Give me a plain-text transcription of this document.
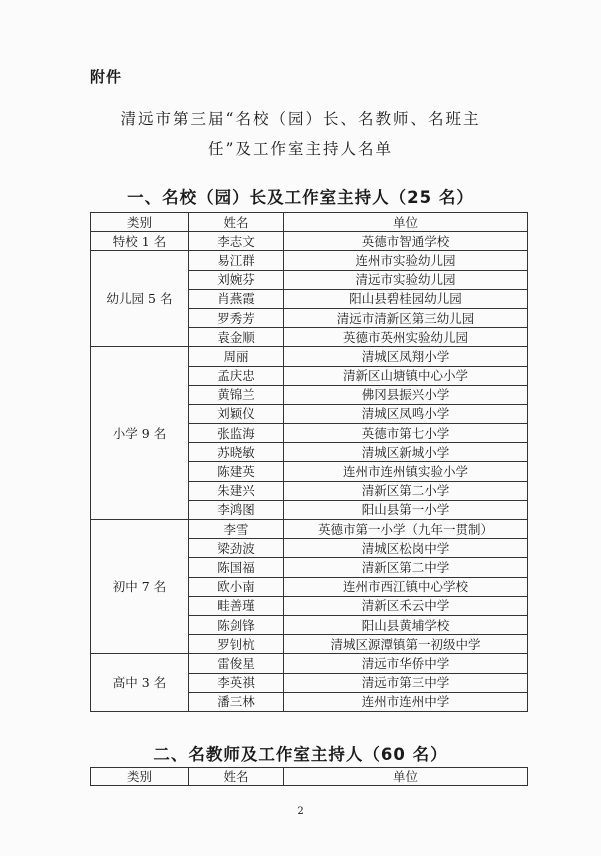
附件
清远市第三届“名校（园）长、名教师、名班主
任”及工作室主持人名单
一、名校（园）长及工作室主持人（25 名）
类别	姓名	单位
特校 1 名	李志文	英德市智通学校
幼儿园 5 名	易江群	连州市实验幼儿园
	刘婉芬	清远市实验幼儿园
	肖燕霞	阳山县碧桂园幼儿园
	罗秀芳	清远市清新区第三幼儿园
	袁金顺	英德市英州实验幼儿园
小学 9 名	周丽	清城区凤翔小学
	孟庆忠	清新区山塘镇中心小学
	黄锦兰	佛冈县振兴小学
	刘颖仪	清城区凤鸣小学
	张监海	英德市第七小学
	苏晓敏	清城区新城小学
	陈建英	连州市连州镇实验小学
	朱建兴	清新区第二小学
	李鸿图	阳山县第一小学
初中 7 名	李雪	英德市第一小学（九年一贯制）
	梁劲波	清城区松岗中学
	陈国福	清新区第二中学
	欧小南	连州市西江镇中心学校
	畦善瑾	清新区禾云中学
	陈剑锋	阳山县黄埔学校
	罗钊杭	清城区源潭镇第一初级中学
高中 3 名	雷俊星	清远市华侨中学
	李英祺	清远市第三中学
	潘三林	连州市连州中学
二、名教师及工作室主持人（60 名）
类别	姓名	单位
2
